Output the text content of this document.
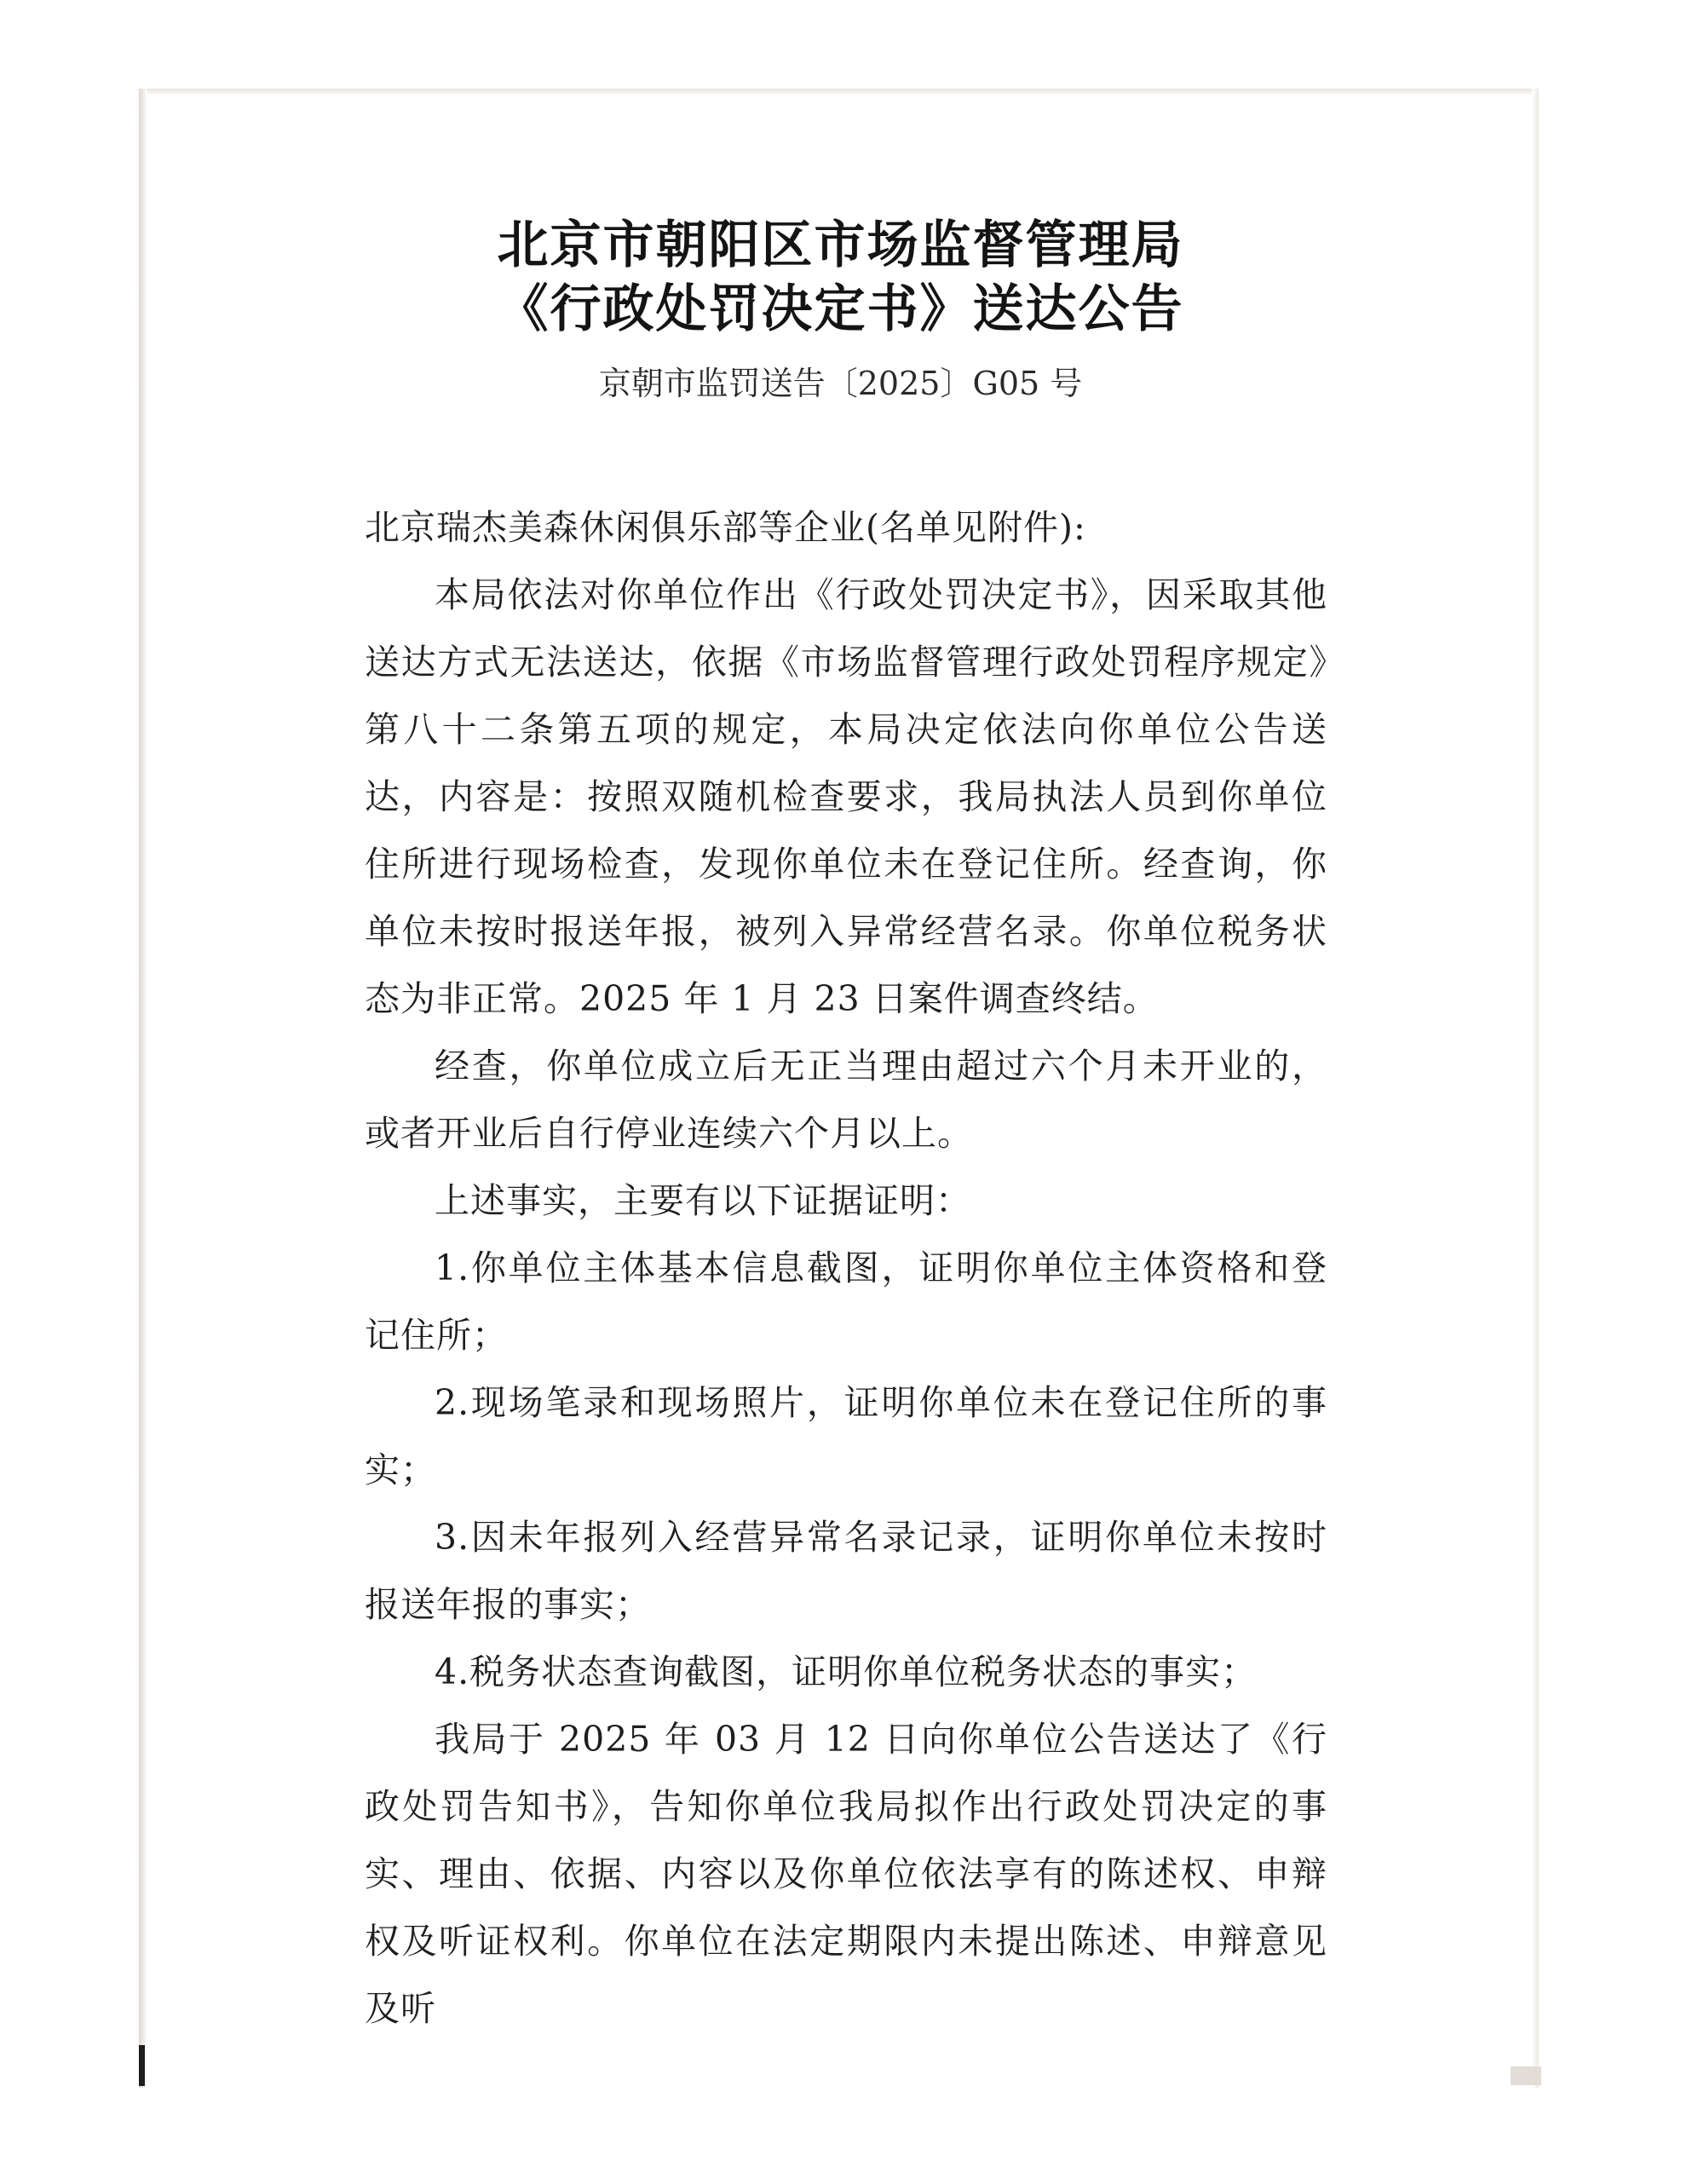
北京市朝阳区市场监督管理局
《行政处罚决定书》送达公告
京朝市监罚送告〔2025〕G05 号

北京瑞杰美森休闲俱乐部等企业(名单见附件):

本局依法对你单位作出《行政处罚决定书》，因采取其他送达方式无法送达，依据《市场监督管理行政处罚程序规定》第八十二条第五项的规定，本局决定依法向你单位公告送达，内容是：按照双随机检查要求，我局执法人员到你单位住所进行现场检查，发现你单位未在登记住所。经查询，你单位未按时报送年报，被列入异常经营名录。你单位税务状态为非正常。2025 年 1 月 23 日案件调查终结。

经查，你单位成立后无正当理由超过六个月未开业的，或者开业后自行停业连续六个月以上。

上述事实，主要有以下证据证明：

1.你单位主体基本信息截图，证明你单位主体资格和登记住所；

2.现场笔录和现场照片，证明你单位未在登记住所的事实；

3.因未年报列入经营异常名录记录，证明你单位未按时报送年报的事实；

4.税务状态查询截图，证明你单位税务状态的事实；

我局于 2025 年 03 月 12 日向你单位公告送达了《行政处罚告知书》，告知你单位我局拟作出行政处罚决定的事实、理由、依据、内容以及你单位依法享有的陈述权、申辩权及听证权利。你单位在法定期限内未提出陈述、申辩意见及听
